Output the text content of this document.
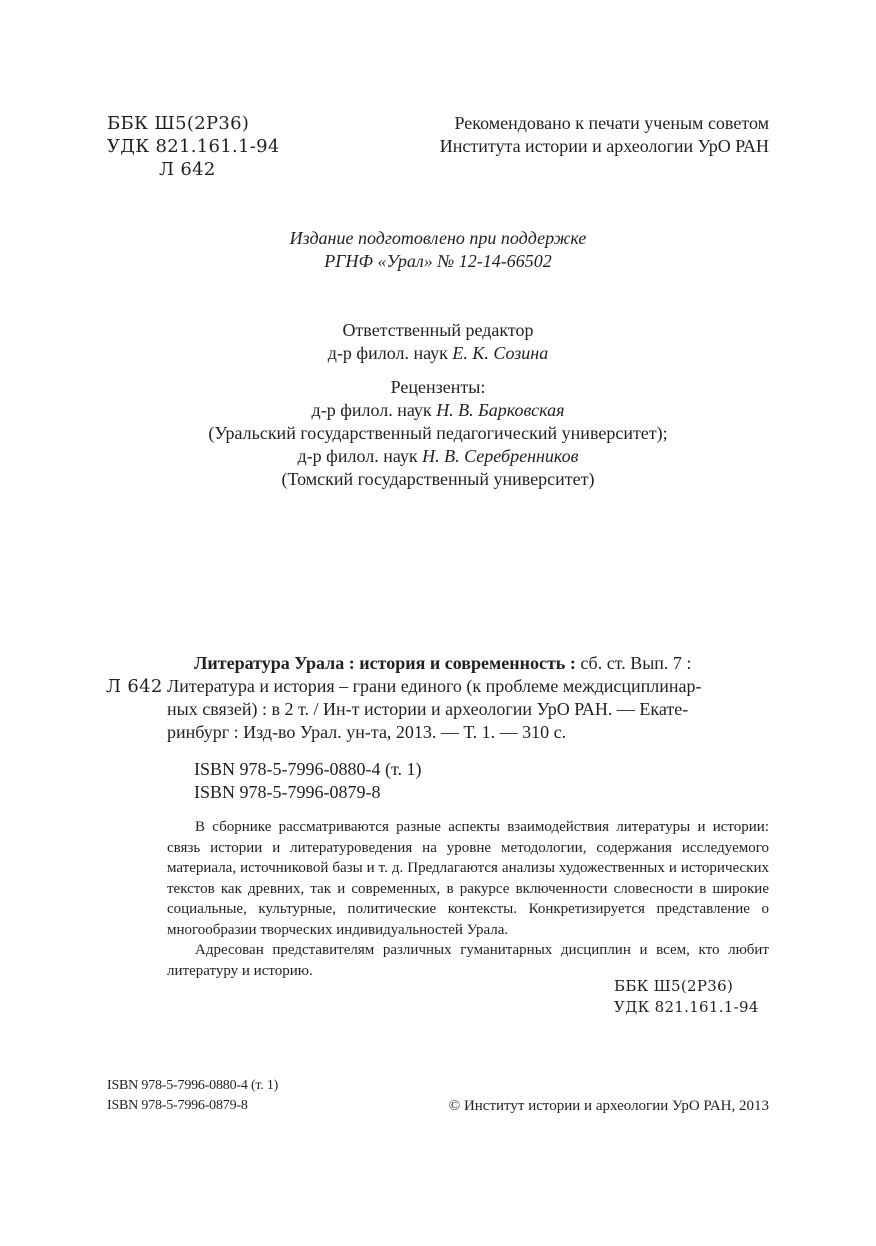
ББК Ш5(2Р36)

УДК 821.161.1-94

Л 642

Рекомендовано к печати ученым советом

Института истории и археологии УрО РАН

Издание подготовлено при поддержке

РГНФ «Урал» № 12-14-66502

Ответственный редактор

д-р филол. наук Е. К. Созина

Рецензенты:

д-р филол. наук Н. В. Барковская

(Уральский государственный педагогический университет);

д-р филол. наук Н. В. Серебренников

(Томский государственный университет)

Литература Урала : история и современность : сб. ст. Вып. 7 :

Л 642 Литература и история – грани единого (к проблеме междисциплинар-

ных связей) : в 2 т. / Ин-т истории и археологии УрО РАН. — Екате-

ринбург : Изд-во Урал. ун-та, 2013. — Т. 1. — 310 с.

ISBN 978-5-7996-0880-4 (т. 1)

ISBN 978-5-7996-0879-8

В сборнике рассматриваются разные аспекты взаимодействия литературы и истории: связь истории и литературоведения на уровне методологии, содержания исследуемого материала, источниковой базы и т. д. Предлагаются анализы художественных и исторических текстов как древних, так и современных, в ракурсе включенности словесности в широкие социальные, культурные, политические контексты. Конкретизируется представление о многообразии творческих индивидуальностей Урала.

Адресован представителям различных гуманитарных дисциплин и всем, кто любит литературу и историю.

ББК Ш5(2Р36)

УДК 821.161.1-94

ISBN 978-5-7996-0880-4 (т. 1)

ISBN 978-5-7996-0879-8	© Институт истории и археологии УрО РАН, 2013
